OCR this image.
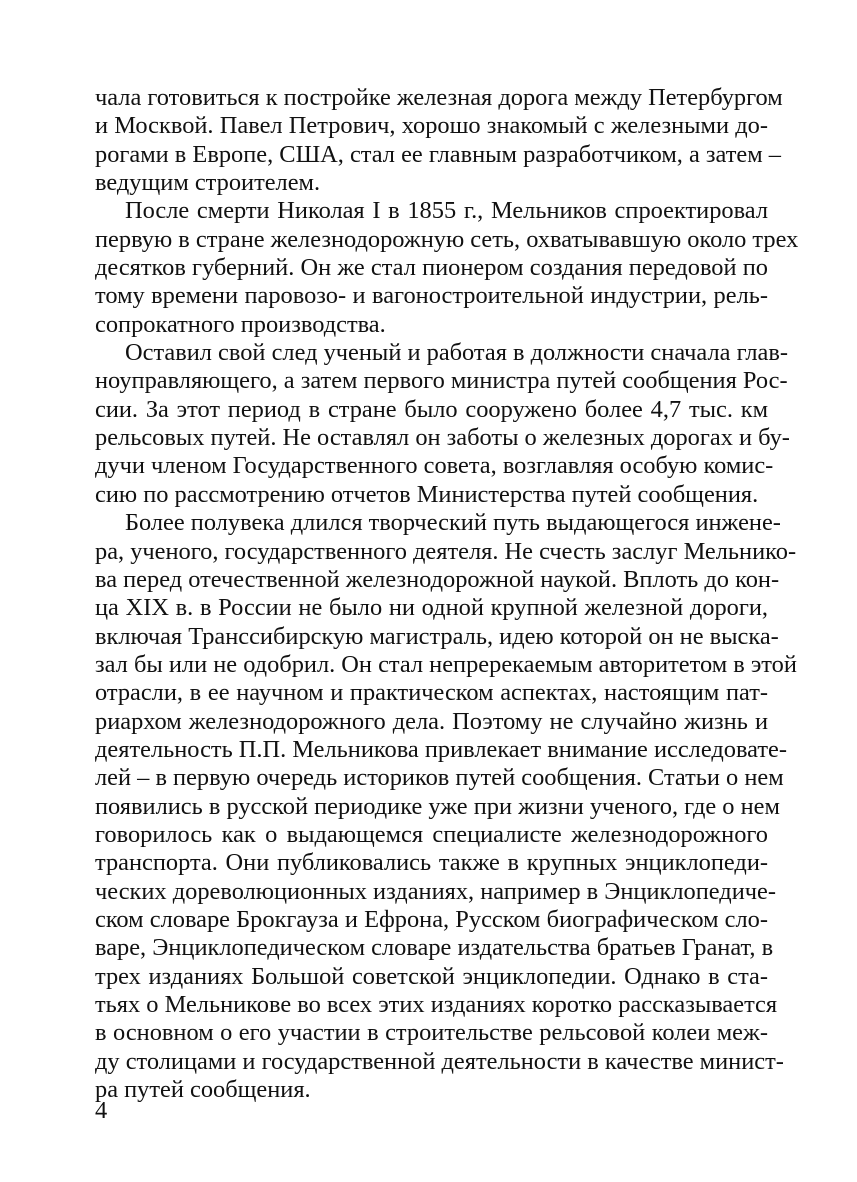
чала готовиться к постройке железная дорога между Петербургом
и Москвой. Павел Петрович, хорошо знакомый с железными до-
рогами в Европе, США, стал ее главным разработчиком, а затем –
ведущим строителем.
После смерти Николая I в 1855 г., Мельников спроектировал
первую в стране железнодорожную сеть, охватывавшую около трех
десятков губерний. Он же стал пионером создания передовой по
тому времени паровозо- и вагоностроительной индустрии, рель-
сопрокатного производства.
Оставил свой след ученый и работая в должности сначала глав-
ноуправляющего, а затем первого министра путей сообщения Рос-
сии. За этот период в стране было сооружено более 4,7 тыс. км
рельсовых путей. Не оставлял он заботы о железных дорогах и бу-
дучи членом Государственного совета, возглавляя особую комис-
сию по рассмотрению отчетов Министерства путей сообщения.
Более полувека длился творческий путь выдающегося инжене-
ра, ученого, государственного деятеля. Не счесть заслуг Мельнико-
ва перед отечественной железнодорожной наукой. Вплоть до кон-
ца XIX в. в России не было ни одной крупной железной дороги,
включая Транссибирскую магистраль, идею которой он не выска-
зал бы или не одобрил. Он стал непререкаемым авторитетом в этой
отрасли, в ее научном и практическом аспектах, настоящим пат-
риархом железнодорожного дела. Поэтому не случайно жизнь и
деятельность П.П. Мельникова привлекает внимание исследовате-
лей – в первую очередь историков путей сообщения. Статьи о нем
появились в русской периодике уже при жизни ученого, где о нем
говорилось как о выдающемся специалисте железнодорожного
транспорта. Они публиковались также в крупных энциклопеди-
ческих дореволюционных изданиях, например в Энциклопедиче-
ском словаре Брокгауза и Ефрона, Русском биографическом сло-
варе, Энциклопедическом словаре издательства братьев Гранат, в
трех изданиях Большой советской энциклопедии. Однако в ста-
тьях о Мельникове во всех этих изданиях коротко рассказывается
в основном о его участии в строительстве рельсовой колеи меж-
ду столицами и государственной деятельности в качестве минист-
ра путей сообщения.
4
